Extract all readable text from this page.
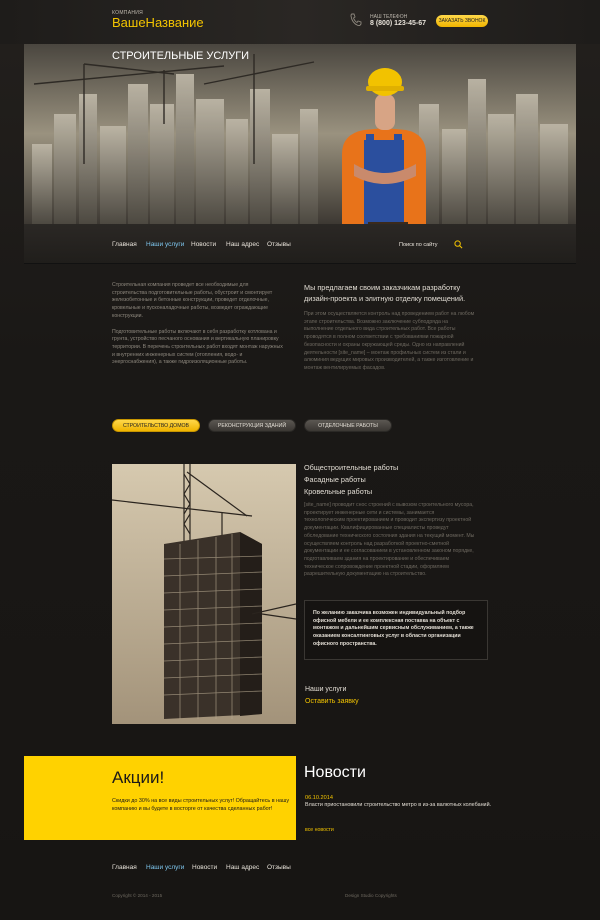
КОМПАНИЯ
ВашеНазвание	НАШ ТЕЛЕФОН
8 (800) 123-45-67	ЗАКАЗАТЬ ЗВОНОК
СТРОИТЕЛЬНЫЕ УСЛУГИ
Главная Наши услуги Новости Наш адрес Отзывы	Поиск по сайту

Строительная компания проведет все необходимые для строительства подготовительные работы, обустроит и смонтирует железобетонные и бетонные конструкции, проведет отделочные, кровельные и пусконаладочные работы, возведет ограждающие конструкции.

Подготовительные работы включают в себя разработку котлована и грунта, устройство песчаного основания и вертикальную планировку территории. В перечень строительных работ входят монтаж наружных и внутренних инженерных систем (отопления, водо- и энергоснабжения), а также гидроизоляционные работы.

Мы предлагаем своим заказчикам разработку дизайн-проекта и элитную отделку помещений.
При этом осуществляется контроль над проведением работ на любом этапе строительства. Возможно заключение субподряда на выполнение отдельного вида строительных работ. Все работы проводятся в полном соответствии с требованиями пожарной безопасности и охраны окружающей среды. Одно из направлений деятельности [site_name] – монтаж профильных систем из стали и алюминия ведущих мировых производителей, а также изготовление и монтаж вентилируемых фасадов.
СТРОИТЕЛЬСТВО ДОМОВ	РЕКОНСТРУКЦИЯ ЗДАНИЙ	ОТДЕЛОЧНЫЕ РАБОТЫ
Общестроительные работы
Фасадные работы
Кровельные работы
[site_name] проводит снос строений с вывозом строительного мусора, проектирует инженерные сети и системы, занимается технологическим проектированием и проводит экспертизу проектной документации. Квалифицированные специалисты проведут обследование технического состояния здания на текущий момент. Мы осуществляем контроль над разработкой проектно-сметной документации и ее согласованием в установленном законом порядке, подготавливаем здания на проектирование и обеспечиваем техническое сопровождение проектной стадии, оформляем разрешительную документацию на строительство.
По желанию заказчика возможен индивидуальный подбор офисной мебели и ее комплексная поставка на объект с монтажом и дальнейшим сервисным обслуживанием, а также оказанием консалтинговых услуг в области организации офисного пространства.
Наши услуги
Оставить заявку
Акции!
Скидки до 30% на все виды строительных услуг! Обращайтесь в нашу компанию и вы будете в восторге от качества сделанных работ!
Новости
06.10.2014
Власти приостановили строительство метро в из-за валютных колебаний.
все новости
Главная Наши услуги Новости Наш адрес Отзывы
Copyright © 2014 - 2015	Design Studio Copyrights
